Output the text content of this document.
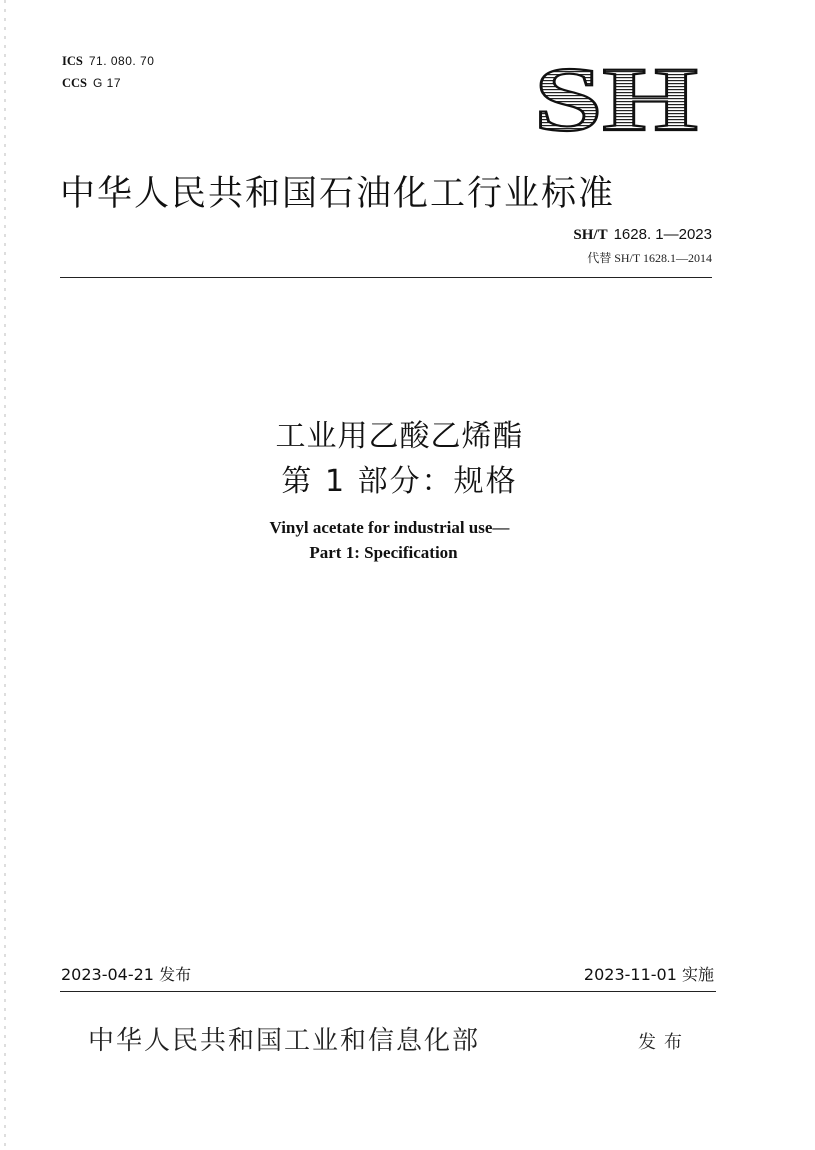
ICS 71. 080. 70
CCS G 17	SH
中华人民共和国石油化工行业标准
SH/T 1628. 1—2023
代替 SH/T 1628.1—2014
工业用乙酸乙烯酯
第 1 部分：规格
Vinyl acetate for industrial use—
Part 1: Specification
2023-04-21 发布	2023-11-01 实施
中华人民共和国工业和信息化部	发布
